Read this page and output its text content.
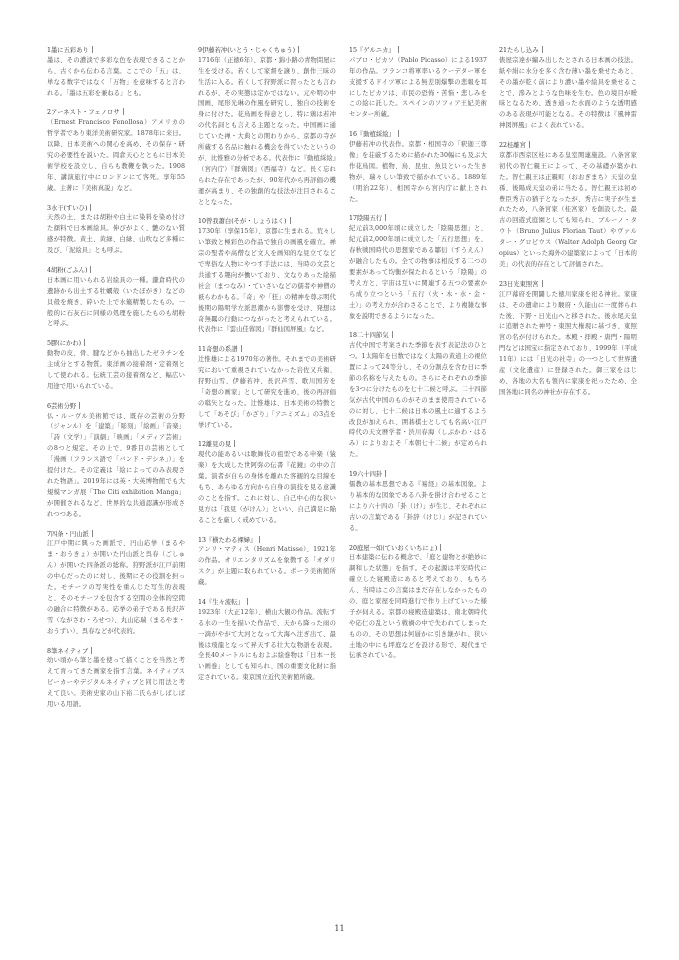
1墨に五彩あり
墨は、その濃淡で多彩な色を表現できることから、古くから伝わる言葉。ここでの「五」は、単なる数字ではなく「万物」を意味すると言われる。「墨は五彩を兼ねる」とも。
2アーネスト・フェノロサ
（Ernest Francisco Fenollosa）アメリカの哲学者であり東洋美術研究家。1878年に来日。以降、日本美術への関心を高め、その保存・研究の必要性を説いた。岡倉天心とともに日本美術学校を設立し、自らも教鞭を執った。1908年、講演旅行中にロンドンにて客死。享年55歳。主著に『美術真説』など。
3水干(すいひ)
天然の土、または胡粉や白土に染料を染め付けた顔料で日本画絵具。伸びがよく、艶のない質感が特徴。黄土、黄緑、白緑、山吹など多種に及び、「泥絵具」とも呼ぶ。
4胡粉(ごふん)
日本画に用いられる岩絵具の一種。鎌倉時代の遺跡から出土する牡蠣殻（いたぼがき）などの貝殻を焼き、砕いた上で水簸精製したもの。一般的に石灰石に同様の処理を施したものも胡粉と呼ぶ。
5膠(にかわ)
動物の皮、骨、腱などから抽出したゼラチンを主成分とする物質。東洋画の接着剤・定着剤として使われる。伝統工芸の接着剤など、幅広い用途で用いられている。
6芸術分野
仏・ルーヴル美術館では、既存の芸術の分野（ジャンル）を「建築」「彫刻」「絵画」「音楽」「詩（文学）」「演劇」「映画」「メディア芸術」の8つと規定。その上で、9番目の芸術として「漫画（フランス語で「バンド・デシネ」）」を提付けた。その定義は「絵によってのみ表現された物語」。2019年には英・大英博物館でも大規模マンガ展「The Citi exhibition Manga」が開催されるなど、世界的な共通認識が形成されつつある。
7四条・円山派
江戸中期に興った画派で、円山応挙（まるやま・おうきょ）が開いた円山派と呉春（ごしゅん）が開いた四条派の総称。狩野派が江戸前期の中心だったのに対し、後期にその役割を担った。モチーフの写実性を重んじた写生的表現と、そのモチーフを包含する空間の全体的空間の融合に特徴がある。応挙の弟子である長沢芦雪（ながさわ・ろせつ）、丸山応瑞（まるやま・おうずい）、呉春などが代表的。
8筆ネイティブ
幼い頃から筆と墨を使って描くことを当然と考えて育ってきた画家を指す言葉。ネイティブスピーカーやデジタルネイティブと同じ用法と考えて良い。美術史家の山下裕二氏らがしばしば用いる用語。
9伊藤若冲(いとう・じゃくちゅう)
1716年（正徳6年）、京都・錦小路の青物問屋に生を受ける。若くして家督を譲り、創作三昧の生活に入る。若くして狩野派に習ったとも言われるが、その実態は定かではない。元や明の中国画、尾形光琳の作風を研究し、独自の技術を身に付けた。花鳥画を得意とし、特に鶏は若冲の代名詞とも言える主題となった。中国画に通じていた禅・大典との関わりから、京都の寺が所蔵する名品に触れる機会を得ていたというのが、比惟雅の分析である。代表作に『動植綵絵』（宮内庁）『群鶏図』（西福寺）など。長く忘れられた存在であったが、90年代から再評価の機運が高まり、その独創的な技法が注目されることとなった。
10曾我蕭白(そが・しょうはく)
1730年（享保15年）、京都に生まれる。荒々しい筆致と極彩色の作品で独自の画風を確立。禅宗の聖者や高僧など文人を画知的な見立てなどで卑俗な人物にやつす手法には、当時の文芸と共通する趣向が働いており、文なりあった絵描社会（まつなみ）・ていさいなどの儒者や神僧の祇らわかもる。「奇」や「狂」の精神を尊ぶ明代後期の陽明学左派思潮から影響を受け、発想は奇無羈の行動につながったと考えられている。代表作に『雲山佳蓉図』『群仙図屏風』など。
11奇想の系譜
辻惟雄による1970年の著作。それまでの美術研究において重視されていなかった岩佐又兵衛、狩野山雪、伊藤若冲、長沢芦雪、歌川国芳を「奇想の画家」として研究を進め、後の再評価の嚆矢となった。辻惟雄は、日本美術の特徴として「あそび」「かざり」「アニミズム」の3点を挙げている。
12離見の見
現代の能あるいは歌舞伎の祖型である申楽（猿楽）を大成した世阿弥の伝書『花鏡』の中の言葉。演者が自らの身体を離れた客観的な目線をもち、あらゆる方向から自身の演技を見る意識のことを指す。これに対し、自己中心的な狭い見方は「我見（がけん）」といい、自己満足に陥ることを厳しく戒めている。
13『横たわる裸婦』
アンリ・マティス（Henri Matisse）、1921年の作品。オリエンタリズムを象徴する「オダリスク」が主題に取られている。ポーラ美術館所蔵。
14『生々流転』
1923年（大正12年）、横山大観の作品。流転する水の一生を描いた作品で、天から降った雨の一滴がやがて大河となって大海へ注ぎ出て、最後は飛龍となって昇天する壮大な物語を表現。全長40メートルにもおよぶ絵巻物は「日本一長い画巻」としても知られ、国の重要文化財に指定されている。東京国立近代美術館所蔵。
15『ゲルニカ』
パブロ・ピカソ（Pablo Picasso）による1937年の作品。フランコ将軍率いるクーデター軍を支援するドイツ軍による無差別爆撃の悲報を耳にしたピカソは、市民の恐怖・苦悩・悲しみをこの絵に託した。スペインのソフィア王妃美術センター所蔵。
16『動植綵絵』
伊藤若冲の代表作。京都・相国寺の「釈迦三尊像」を荘厳するために描かれた30幅にも及ぶ大作花鳥図。植物、鳥、昆虫、魚貝といった生き物が、瑞々しい筆致で描かれている。1889年（明治22年）、相国寺から宮内庁に献上された。
17陰陽五行
紀元前3,000年頃に成立した「陰陽思想」と、紀元前2,000年頃に成立した「五行思想」を、春秋戦国時代の思想家である鄒衍（すうえん）が融合したもの。全ての物事は相反する二つの要素があって均衡が保たれるという「陰陽」の考え方と、宇宙は互いに関連する五つの要素から成り立つという「五行（火・木・水・金・土）」の考え方が合わさることで、より複雑な事象を説明できるようになった。
18二十四節気
古代中国で考案された季節を表す表記法のひとつ。1太陽年を日数ではなく太陽の黄道上の視位置によって24等分し、その分割点を含む日に季節の名称を与えたもの。さらにそれぞれの季節を3つに分けたものを七十二候と呼ぶ。二十四節気が古代中国のものがそのまま使用されているのに対し、七十二候は日本の風土に適するよう改良が加えられ、囲碁棋士としても名高い江戸時代の天文暦学者・渋川春海（しぶかわ・はるみ）によりおよそ「本朝七十二候」が定められた。
19六十四卦
儒教の基本思想である『易経』の基本図象。より基本的な図象である八卦を掛け合わせることにより六十四の「卦（け）」が生じ、それぞれに古いの言葉である「卦辞（けじ）」が記されている。
20庭屋一如(ていおくいちにょ)
日本建築に伝わる概念で、「庭と建物とが絶妙に調和した状態」を指す。その起源は平安時代に確立した寝殿造にあると考えており、もちろん、当時はこの言葉はまだ存在しなかったものの、庭と家屋を同時進行で作り上げていった様子が伺える。京都の寝殿造建築は、南北朝時代や応仁の乱という戦禍の中で失われてしまったものの、その思想は何層かに引き継がれ、狭い土地の中にも坪庭などを設ける形で、現代まで伝承されている。
21たらし込み
俵屋宗達が編み出したとされる日本画の技法。紙や絹に水分を多く含む薄い墨を乗せたあと、その墨が乾く前により濃い墨や絵具を乗せることで、滲みとような色味を生む。色の境目が曖昧となるため、透き通った水面のような透明感のある表現が可能となる。その特徴は『風神雷神図屏風』によく表れている。
22桂離宮
京都市西京区桂にある皇室関連施設。八条宮家初代の智仁親王によって、その基礎が築かれた。智仁親王は正親町（おおぎまち）天皇の皇孫、後陽成天皇の弟に当たる。智仁親王は初め豊臣秀吉の猶子となったが、秀吉に実子が生まれたため、八条宮家（桂宮家）を創設した。最古の回遊式庭園としても知られ、ブルーノ・タウト（Bruno Julius Florian Taut）やヴァルター・グロピウス（Walter Adolph Georg Gropius）といった海外の建築家によって「日本的美」の代表的存在として評価された。
23日光東照宮
江戸幕府を開闢した徳川家康を祀る神社。家康は、その遺命により駿府・久能山に一度葬られた後、下野・日光山へと移された。後水尾天皇に追贈された神号・東照大権現に基づき、東照宮の名が付けられた。本殿・拝殿・唐門・陽明門などは国宝に指定されており、1999年（平成11年）には「日光の社寺」の一つとして世界遺産（文化遺産）に登録された。御三家をはじめ、各地の大名も領内に家康を祀ったため、全国各地に同名の神社が存在する。
11
